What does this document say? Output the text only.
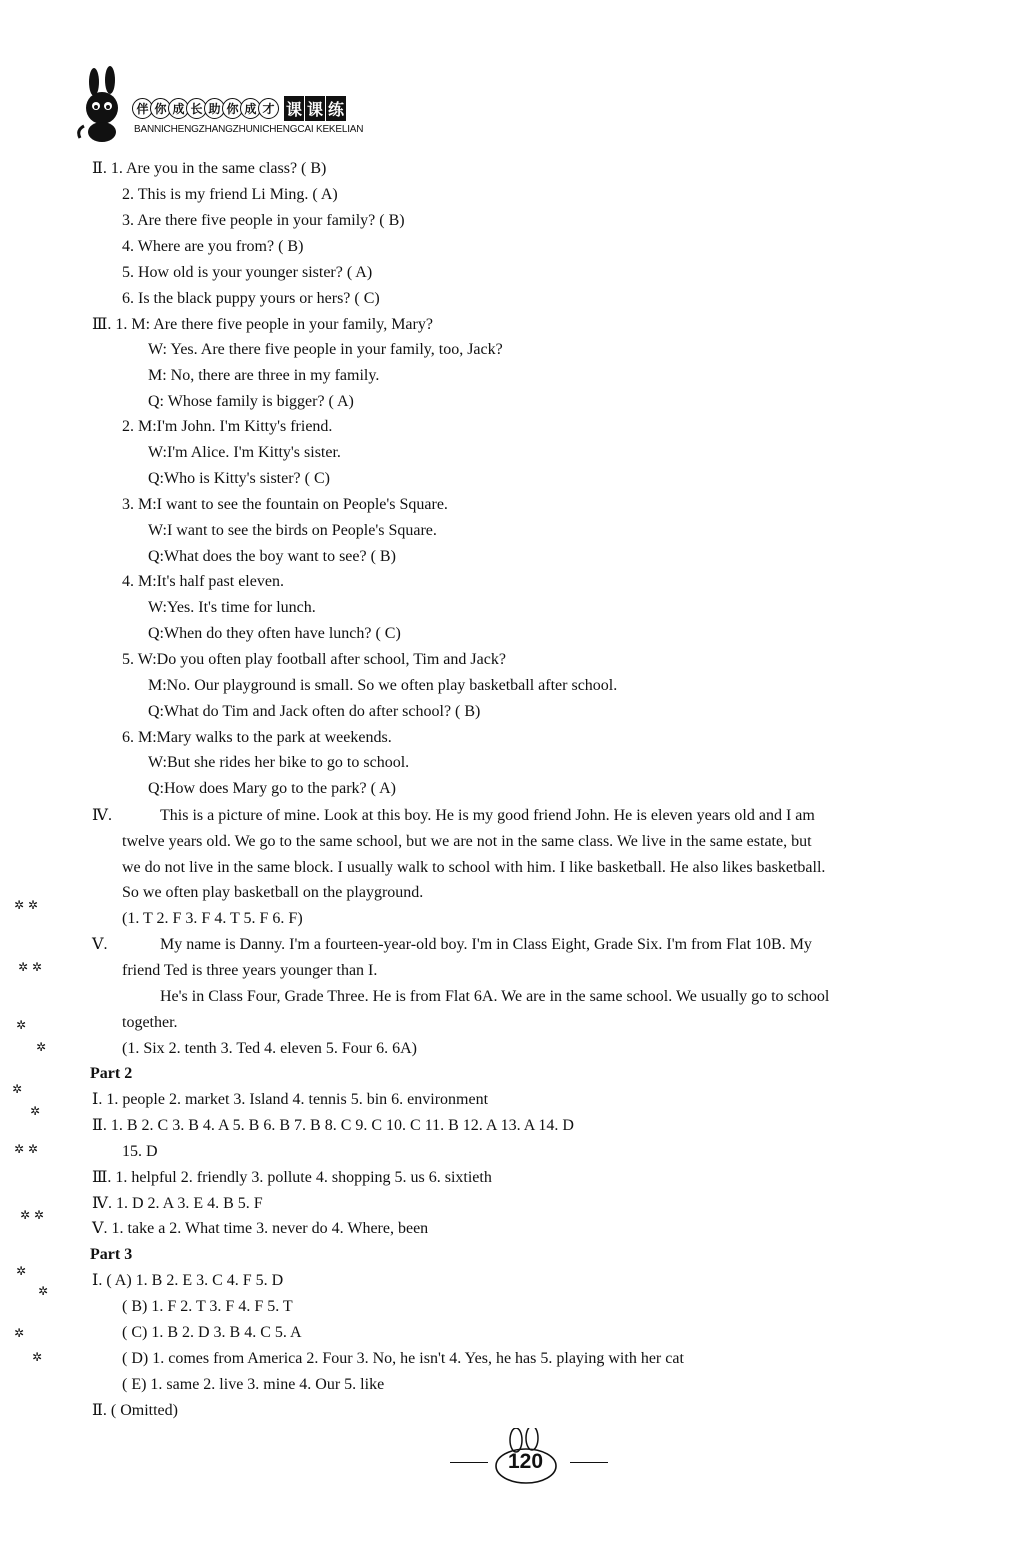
伴 你 成 长 助 你 成 才 课 课 练
BANNICHENGZHANGZHUNICHENGCAI KEKELIAN
Ⅱ. 1. Are you in the same class? ( B)
2. This is my friend Li Ming. ( A)
3. Are there five people in your family? ( B)
4. Where are you from? ( B)
5. How old is your younger sister? ( A)
6. Is the black puppy yours or hers? ( C)
Ⅲ. 1. M: Are there five people in your family, Mary?
W: Yes. Are there five people in your family, too, Jack?
M: No, there are three in my family.
Q: Whose family is bigger? ( A)
2. M:I'm John. I'm Kitty's friend.
W:I'm Alice. I'm Kitty's sister.
Q:Who is Kitty's sister? ( C)
3. M:I want to see the fountain on People's Square.
W:I want to see the birds on People's Square.
Q:What does the boy want to see? ( B)
4. M:It's half past eleven.
W:Yes. It's time for lunch.
Q:When do they often have lunch? ( C)
5. W:Do you often play football after school, Tim and Jack?
M:No. Our playground is small. So we often play basketball after school.
Q:What do Tim and Jack often do after school? ( B)
6. M:Mary walks to the park at weekends.
W:But she rides her bike to go to school.
Q:How does Mary go to the park? ( A)
Ⅳ.	This is a picture of mine. Look at this boy. He is my good friend John. He is eleven years old and I am
twelve years old. We go to the same school, but we are not in the same class. We live in the same estate, but
we do not live in the same block. I usually walk to school with him. I like basketball. He also likes basketball.
So we often play basketball on the playground.
(1. T 2. F 3. F 4. T 5. F 6. F)
Ⅴ.	My name is Danny. I'm a fourteen-year-old boy. I'm in Class Eight, Grade Six. I'm from Flat 10B. My
friend Ted is three years younger than I.
He's in Class Four, Grade Three. He is from Flat 6A. We are in the same school. We usually go to school
together.
(1. Six 2. tenth 3. Ted 4. eleven 5. Four 6. 6A)
Part 2
Ⅰ. 1. people 2. market 3. Island 4. tennis 5. bin 6. environment
Ⅱ. 1. B 2. C 3. B 4. A 5. B 6. B 7. B 8. C 9. C 10. C 11. B 12. A 13. A 14. D
15. D
Ⅲ. 1. helpful 2. friendly 3. pollute 4. shopping 5. us 6. sixtieth
Ⅳ. 1. D 2. A 3. E 4. B 5. F
Ⅴ. 1. take a 2. What time 3. never do 4. Where, been
Part 3
Ⅰ. ( A) 1. B 2. E 3. C 4. F 5. D
( B) 1. F 2. T 3. F 4. F 5. T
( C) 1. B 2. D 3. B 4. C 5. A
( D) 1. comes from America 2. Four 3. No, he isn't 4. Yes, he has 5. playing with her cat
( E) 1. same 2. live 3. mine 4. Our 5. like
Ⅱ. ( Omitted)
✲ ✲
✲ ✲
✲
✲
✲
✲
✲ ✲
✲ ✲
✲
✲
✲
✲
120
